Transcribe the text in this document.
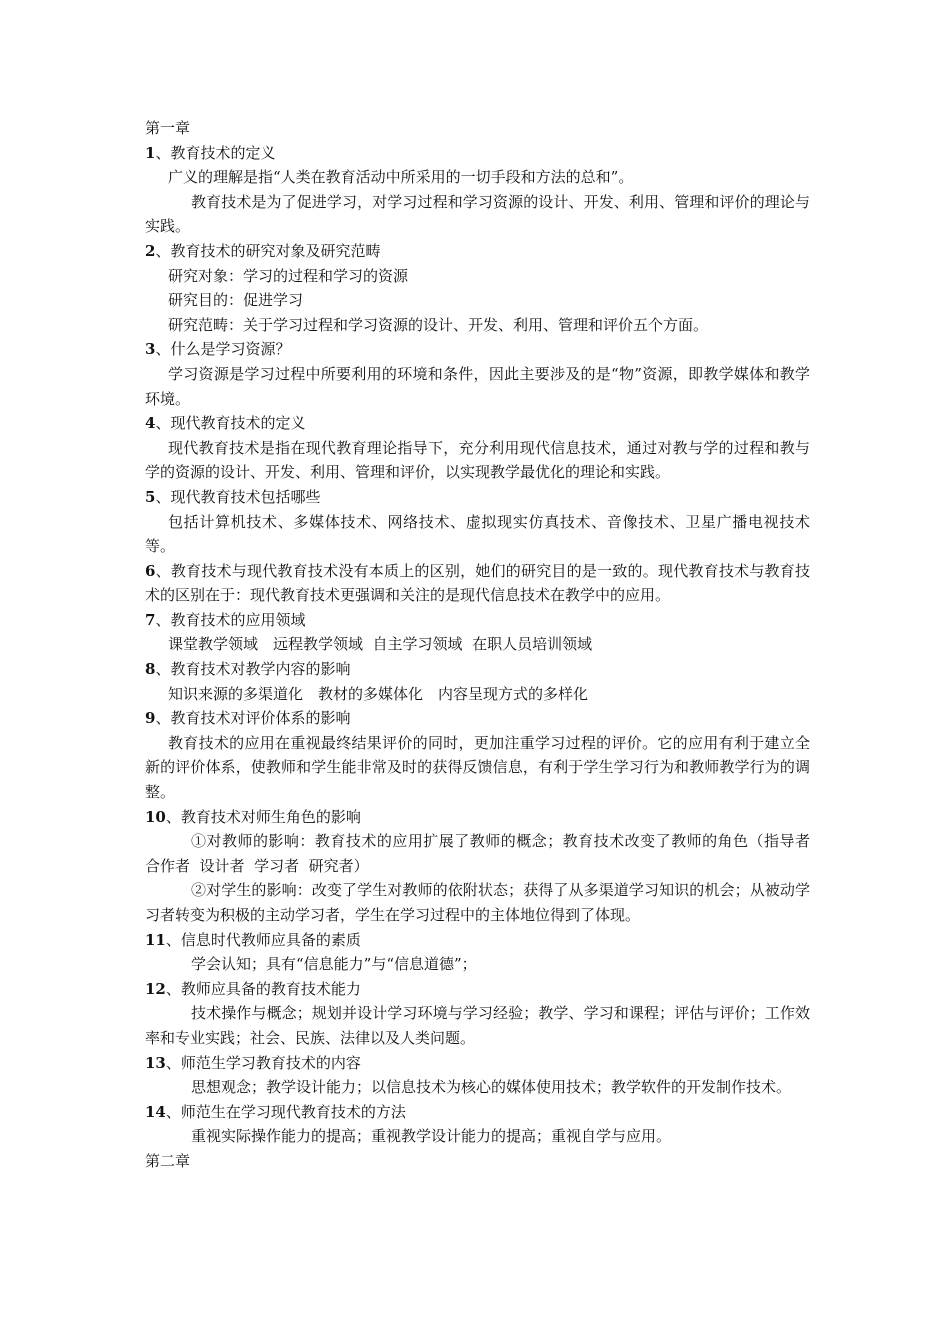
第一章
1、教育技术的定义
广义的理解是指“人类在教育活动中所采用的一切手段和方法的总和”。
教育技术是为了促进学习，对学习过程和学习资源的设计、开发、利用、管理和评价的理论与实践。
2、教育技术的研究对象及研究范畴
研究对象：学习的过程和学习的资源
研究目的：促进学习
研究范畴：关于学习过程和学习资源的设计、开发、利用、管理和评价五个方面。
3、什么是学习资源？
学习资源是学习过程中所要利用的环境和条件，因此主要涉及的是“物”资源，即教学媒体和教学环境。
4、现代教育技术的定义
现代教育技术是指在现代教育理论指导下，充分利用现代信息技术，通过对教与学的过程和教与学的资源的设计、开发、利用、管理和评价，以实现教学最优化的理论和实践。
5、现代教育技术包括哪些
包括计算机技术、多媒体技术、网络技术、虚拟现实仿真技术、音像技术、卫星广播电视技术等。
6、教育技术与现代教育技术没有本质上的区别，她们的研究目的是一致的。现代教育技术与教育技术的区别在于：现代教育技术更强调和关注的是现代信息技术在教学中的应用。
7、教育技术的应用领域
课堂教学领域　远程教学领域  自主学习领域  在职人员培训领域
8、教育技术对教学内容的影响
知识来源的多渠道化　教材的多媒体化　内容呈现方式的多样化
9、教育技术对评价体系的影响
教育技术的应用在重视最终结果评价的同时，更加注重学习过程的评价。它的应用有利于建立全新的评价体系，使教师和学生能非常及时的获得反馈信息，有利于学生学习行为和教师教学行为的调整。
10、教育技术对师生角色的影响
①对教师的影响：教育技术的应用扩展了教师的概念；教育技术改变了教师的角色（指导者  合作者  设计者  学习者  研究者）
②对学生的影响：改变了学生对教师的依附状态；获得了从多渠道学习知识的机会；从被动学习者转变为积极的主动学习者，学生在学习过程中的主体地位得到了体现。
11、信息时代教师应具备的素质
学会认知；具有“信息能力”与“信息道德”；
12、教师应具备的教育技术能力
技术操作与概念；规划并设计学习环境与学习经验；教学、学习和课程；评估与评价；工作效率和专业实践；社会、民族、法律以及人类问题。
13、师范生学习教育技术的内容
思想观念；教学设计能力；以信息技术为核心的媒体使用技术；教学软件的开发制作技术。
14、师范生在学习现代教育技术的方法
重视实际操作能力的提高；重视教学设计能力的提高；重视自学与应用。
第二章
